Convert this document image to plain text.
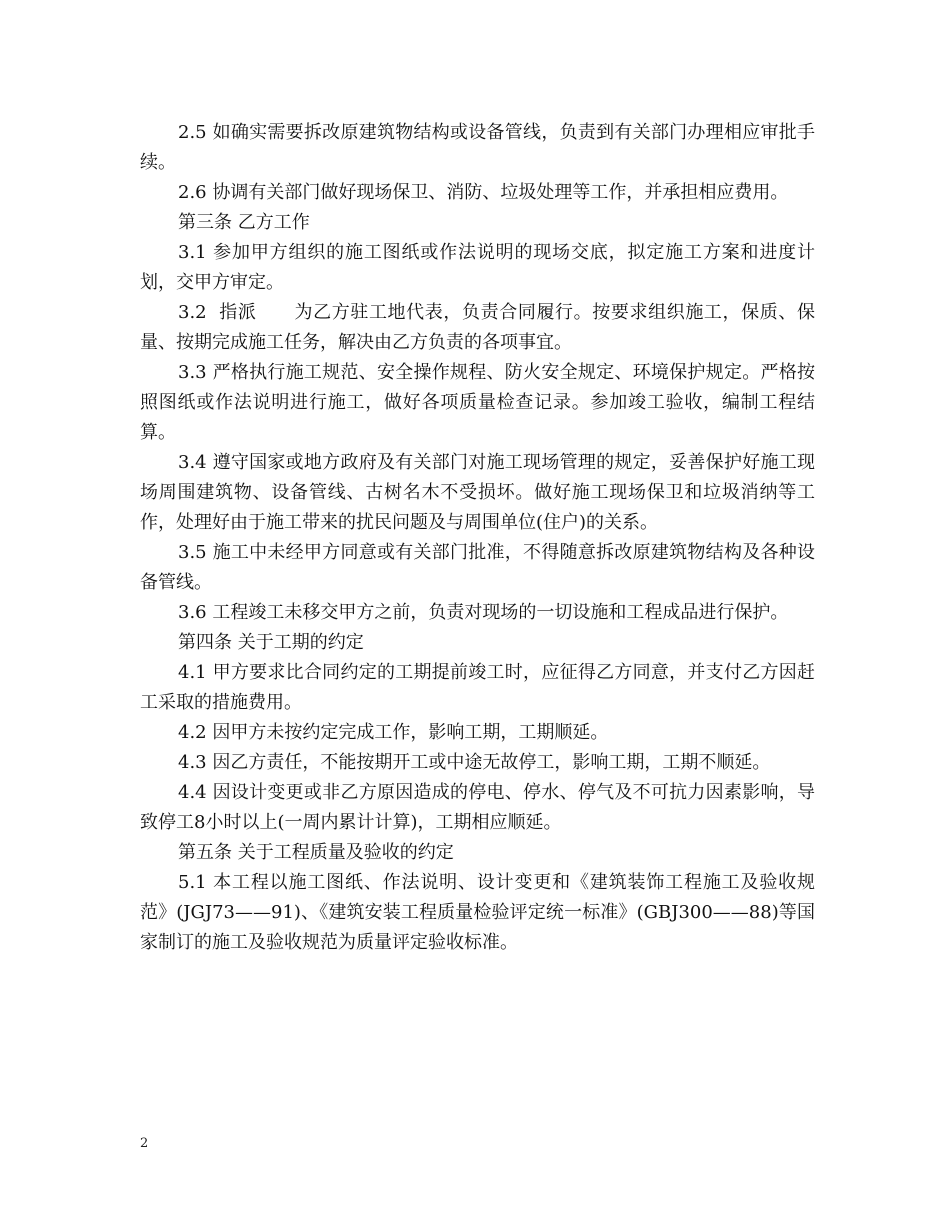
2.5 如确实需要拆改原建筑物结构或设备管线，负责到有关部门办理相应审批手续。

2.6 协调有关部门做好现场保卫、消防、垃圾处理等工作，并承担相应费用。

第三条 乙方工作

3.1 参加甲方组织的施工图纸或作法说明的现场交底，拟定施工方案和进度计划，交甲方审定。

3.2  指派      为乙方驻工地代表，负责合同履行。按要求组织施工，保质、保量、按期完成施工任务，解决由乙方负责的各项事宜。

3.3 严格执行施工规范、安全操作规程、防火安全规定、环境保护规定。严格按照图纸或作法说明进行施工，做好各项质量检查记录。参加竣工验收，编制工程结算。

3.4 遵守国家或地方政府及有关部门对施工现场管理的规定，妥善保护好施工现场周围建筑物、设备管线、古树名木不受损坏。做好施工现场保卫和垃圾消纳等工作，处理好由于施工带来的扰民问题及与周围单位(住户)的关系。

3.5 施工中未经甲方同意或有关部门批准，不得随意拆改原建筑物结构及各种设备管线。

3.6 工程竣工未移交甲方之前，负责对现场的一切设施和工程成品进行保护。

第四条 关于工期的约定

4.1 甲方要求比合同约定的工期提前竣工时，应征得乙方同意，并支付乙方因赶工采取的措施费用。

4.2 因甲方未按约定完成工作，影响工期，工期顺延。

4.3 因乙方责任，不能按期开工或中途无故停工，影响工期，工期不顺延。

4.4 因设计变更或非乙方原因造成的停电、停水、停气及不可抗力因素影响，导致停工8小时以上(一周内累计计算)，工期相应顺延。

第五条 关于工程质量及验收的约定

5.1 本工程以施工图纸、作法说明、设计变更和《建筑装饰工程施工及验收规范》(JGJ73——91)、《建筑安装工程质量检验评定统一标准》(GBJ300——88)等国家制订的施工及验收规范为质量评定验收标准。

2
